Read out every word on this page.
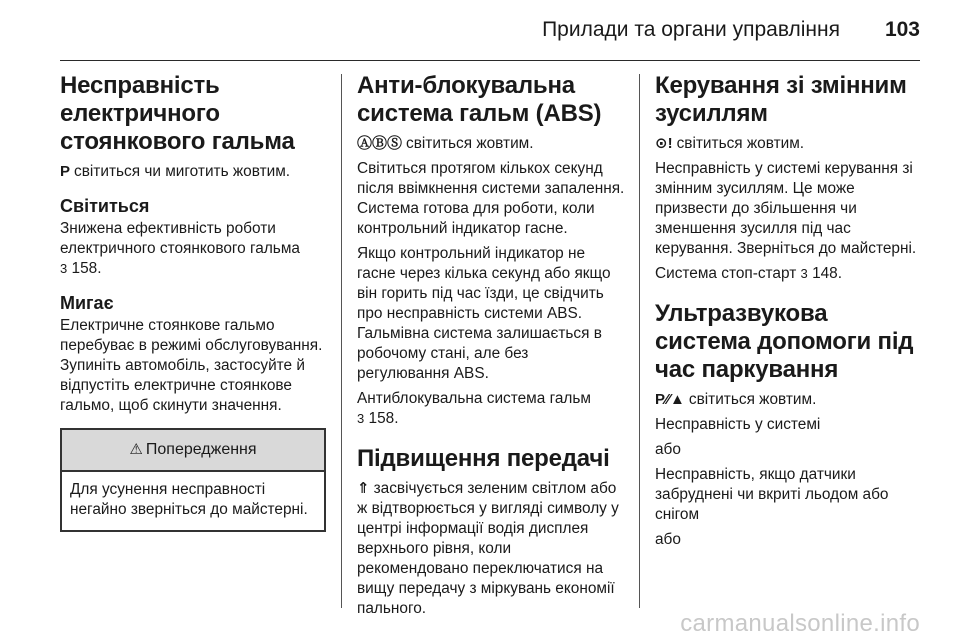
Прилади та органи управління 103
Несправність електричного стоянкового гальма

P світиться чи миготить жовтим.

Світиться

Знижена ефективність роботи електричного стоянкового гальма
3 158.

Мигає

Електричне стоянкове гальмо перебуває в режимі обслуговування. Зупиніть автомобіль, застосуйте й відпустіть електричне стоянкове гальмо, щоб скинути значення.

⚠ Попередження
Для усунення несправності негайно зверніться до майстерні.
Анти-блокувальна система гальм (ABS)

ⒶⒷⓈ світиться жовтим.

Світиться протягом кількох секунд після ввімкнення системи запалення. Система готова для роботи, коли контрольний індикатор гасне.

Якщо контрольний індикатор не гасне через кілька секунд або якщо він горить під час їзди, це свідчить про несправність системи ABS. Гальмівна система залишається в робочому стані, але без регулювання ABS.

Антиблокувальна система гальм
3 158.

Підвищення передачі

⇑ засвічується зеленим світлом або ж відтворюється у вигляді символу у центрі інформації водія дисплея верхнього рівня, коли рекомендовано переключатися на вищу передачу з міркувань економії пального.

Керування зі змінним зусиллям

⊙! світиться жовтим.

Несправність у системі керування зі змінним зусиллям. Це може призвести до збільшення чи зменшення зусилля під час керування. Зверніться до майстерні.

Система стоп-старт 3 148.

Ультразвукова система допомоги під час паркування

P⁄⁄▲ світиться жовтим.

Несправність у системі

або

Несправність, якщо датчики забруднені чи вкриті льодом або снігом

або

carmanualsonline.info
